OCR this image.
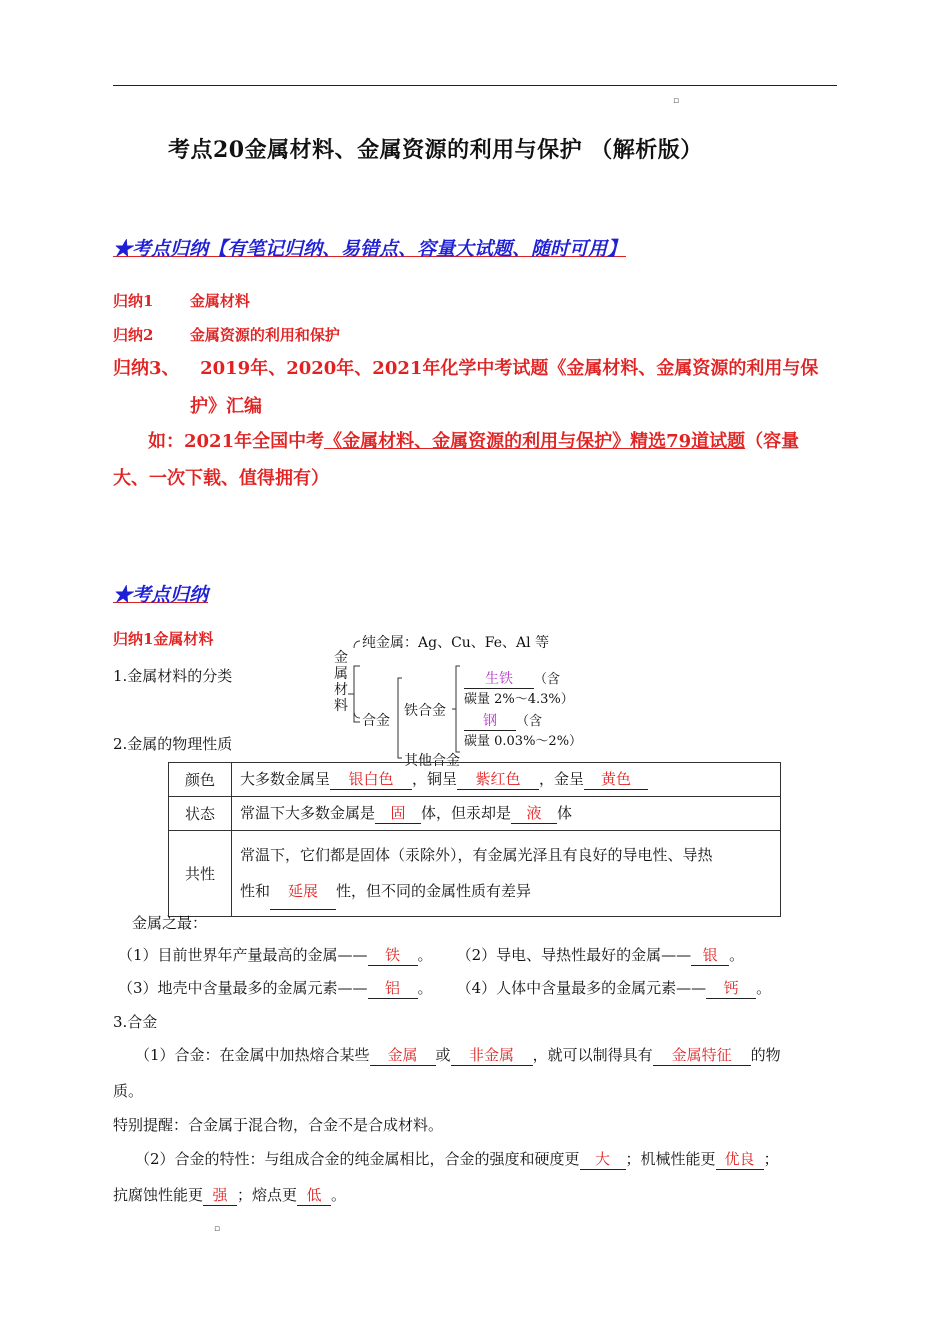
▫
考点20金属材料、金属资源的利用与保护 （解析版）
★考点归纳【有笔记归纳、易错点、容量大试题、随时可用】
归纳1 金属材料
归纳2 金属资源的利用和保护
归纳3、 2019年、2020年、2021年化学中考试题《金属材料、金属资源的利用与保
护》汇编
如：2021年全国中考《金属材料、金属资源的利用与保护》精选79道试题（容量
大、一次下载、值得拥有）
★考点归纳
归纳1金属材料
1.金属材料的分类
2.金属的物理性质
金
属
材
料
纯金属：Ag、Cu、Fe、Al 等
合金
铁合金
生铁 （含
碳量 2%～4.3%）
钢 （含
碳量 0.03%～2%）
其他合金
颜色	大多数金属呈 银白色 ，铜呈 紫红色 ，金呈 黄色
状态	常温下大多数金属是 固 体，但汞却是 液 体
共性	常温下，它们都是固体（汞除外），有金属光泽且有良好的导电性、导热
性和 延展 性，但不同的金属性质有差异
金属之最：
（1）目前世界年产量最高的金属—— 铁 。 （2）导电、导热性最好的金属—— 银 。
（3）地壳中含量最多的金属元素—— 铝 。 （4）人体中含量最多的金属元素—— 钙 。
3.合金
（1）合金：在金属中加热熔合某些 金属 或 非金属 ，就可以制得具有 金属特征 的物
质。
特别提醒：合金属于混合物，合金不是合成材料。
（2）合金的特性：与组成合金的纯金属相比，合金的强度和硬度更 大 ；机械性能更 优良 ；
抗腐蚀性能更 强 ；熔点更 低 。
▫
